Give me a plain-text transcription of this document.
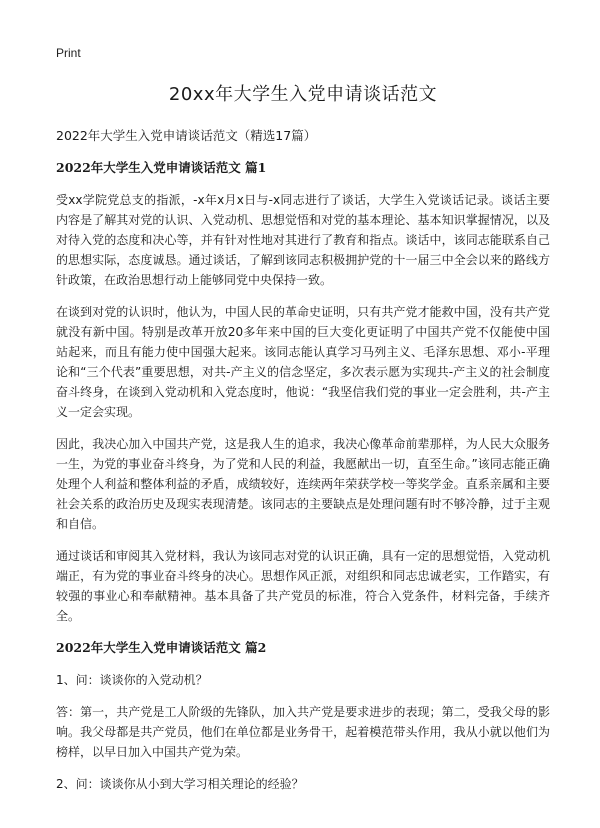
Print
20xx年大学生入党申请谈话范文
2022年大学生入党申请谈话范文（精选17篇）
2022年大学生入党申请谈话范文 篇1

受xx学院党总支的指派，-x年x月x日与-x同志进行了谈话，大学生入党谈话记录。谈话主要内容是了解其对党的认识、入党动机、思想觉悟和对党的基本理论、基本知识掌握情况，以及对待入党的态度和决心等，并有针对性地对其进行了教育和指点。谈话中，该同志能联系自己的思想实际，态度诚恳。通过谈话，了解到该同志积极拥护党的十一届三中全会以来的路线方针政策，在政治思想行动上能够同党中央保持一致。

在谈到对党的认识时，他认为，中国人民的革命史证明，只有共产党才能救中国，没有共产党就没有新中国。特别是改革开放20多年来中国的巨大变化更证明了中国共产党不仅能使中国站起来，而且有能力使中国强大起来。该同志能认真学习马列主义、毛泽东思想、邓小-平理论和“三个代表”重要思想，对共-产主义的信念坚定，多次表示愿为实现共-产主义的社会制度奋斗终身，在谈到入党动机和入党态度时，他说：“我坚信我们党的事业一定会胜利，共-产主义一定会实现。

因此，我决心加入中国共产党，这是我人生的追求，我决心像革命前辈那样，为人民大众服务一生，为党的事业奋斗终身，为了党和人民的利益，我愿献出一切，直至生命。”该同志能正确处理个人利益和整体利益的矛盾，成绩较好，连续两年荣获学校一等奖学金。直系亲属和主要社会关系的政治历史及现实表现清楚。该同志的主要缺点是处理问题有时不够冷静，过于主观和自信。

通过谈话和审阅其入党材料，我认为该同志对党的认识正确，具有一定的思想觉悟，入党动机端正，有为党的事业奋斗终身的决心。思想作风正派，对组织和同志忠诚老实，工作踏实，有较强的事业心和奉献精神。基本具备了共产党员的标准，符合入党条件，材料完备，手续齐全。

2022年大学生入党申请谈话范文 篇2

1、问：谈谈你的入党动机？

答：第一，共产党是工人阶级的先锋队，加入共产党是要求进步的表现；第二，受我父母的影响。我父母都是共产党员，他们在单位都是业务骨干，起着模范带头作用，我从小就以他们为榜样，以早日加入中国共产党为荣。

2、问：谈谈你从小到大学习相关理论的经验？
